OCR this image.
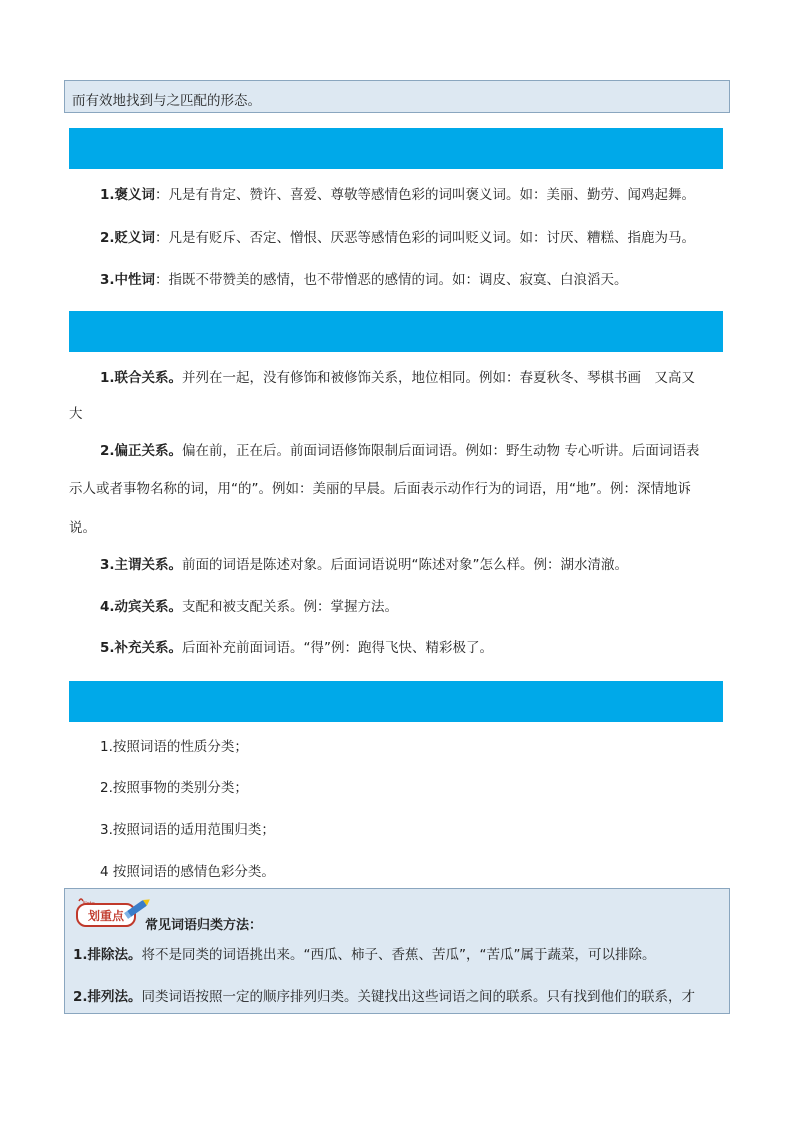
而有效地找到与之匹配的形态。

1.褒义词：凡是有肯定、赞许、喜爱、尊敬等感情色彩的词叫褒义词。如：美丽、勤劳、闻鸡起舞。

2.贬义词：凡是有贬斥、否定、憎恨、厌恶等感情色彩的词叫贬义词。如：讨厌、糟糕、指鹿为马。

3.中性词：指既不带赞美的感情，也不带憎恶的感情的词。如：调皮、寂寞、白浪滔天。

1.联合关系。并列在一起，没有修饰和被修饰关系，地位相同。例如：春夏秋冬、琴棋书画　又高又

大

2.偏正关系。偏在前，正在后。前面词语修饰限制后面词语。例如：野生动物 专心听讲。后面词语表

示人或者事物名称的词，用“的”。例如：美丽的早晨。后面表示动作行为的词语，用“地”。例：深情地诉

说。

3.主谓关系。前面的词语是陈述对象。后面词语说明“陈述对象”怎么样。例：湖水清澈。

4.动宾关系。支配和被支配关系。例：掌握方法。

5.补充关系。后面补充前面词语。“得”例：跑得飞快、精彩极了。

1.按照词语的性质分类；

2.按照事物的类别分类；

3.按照词语的适用范围归类；

4 按照词语的感情色彩分类。

划重点
Note
常见词语归类方法：
1.排除法。将不是同类的词语挑出来。“西瓜、柿子、香蕉、苦瓜”，“苦瓜”属于蔬菜，可以排除。
2.排列法。同类词语按照一定的顺序排列归类。关键找出这些词语之间的联系。只有找到他们的联系，才
